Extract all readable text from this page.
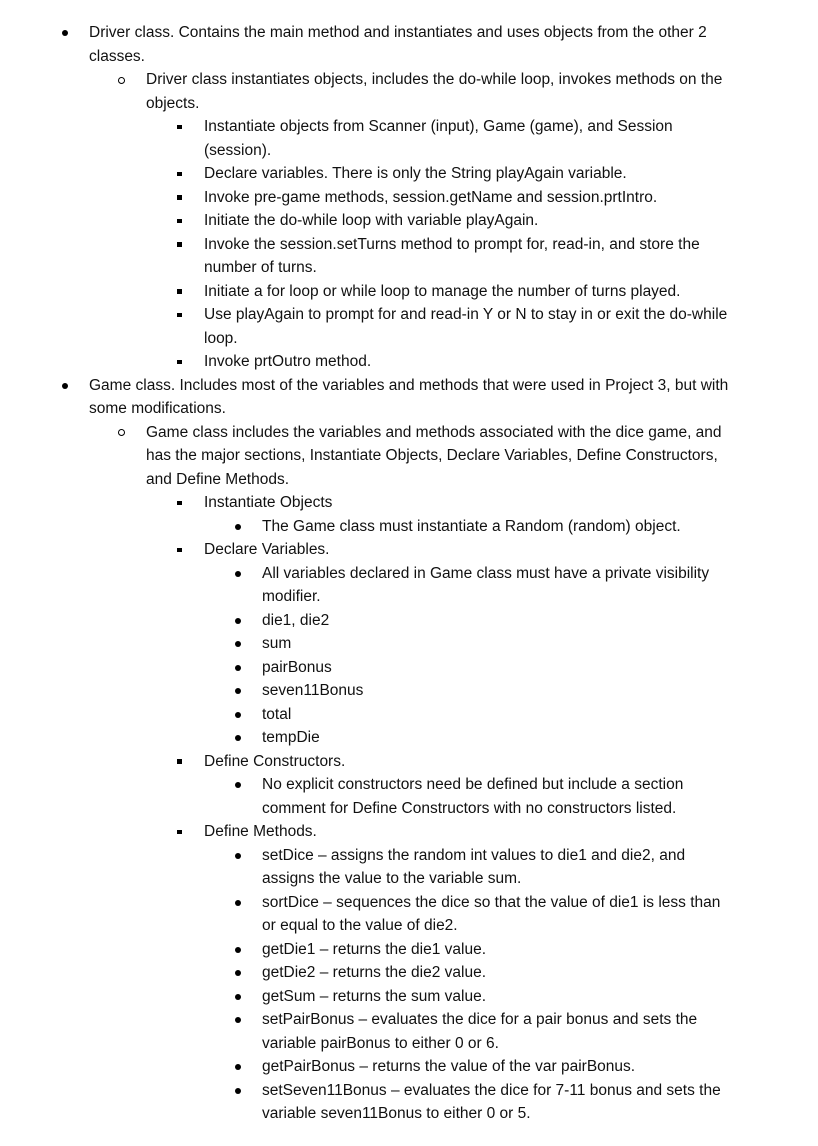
Driver class. Contains the main method and instantiates and uses objects from the other 2 classes.
Driver class instantiates objects, includes the do-while loop, invokes methods on the objects.
Instantiate objects from Scanner (input), Game (game), and Session (session).
Declare variables. There is only the String playAgain variable.
Invoke pre-game methods, session.getName and session.prtIntro.
Initiate the do-while loop with variable playAgain.
Invoke the session.setTurns method to prompt for, read-in, and store the number of turns.
Initiate a for loop or while loop to manage the number of turns played.
Use playAgain to prompt for and read-in Y or N to stay in or exit the do-while loop.
Invoke prtOutro method.
Game class. Includes most of the variables and methods that were used in Project 3, but with some modifications.
Game class includes the variables and methods associated with the dice game, and has the major sections, Instantiate Objects, Declare Variables, Define Constructors, and Define Methods.
Instantiate Objects
The Game class must instantiate a Random (random) object.
Declare Variables.
All variables declared in Game class must have a private visibility modifier.
die1, die2
sum
pairBonus
seven11Bonus
total
tempDie
Define Constructors.
No explicit constructors need be defined but include a section comment for Define Constructors with no constructors listed.
Define Methods.
setDice – assigns the random int values to die1 and die2, and assigns the value to the variable sum.
sortDice – sequences the dice so that the value of die1 is less than or equal to the value of die2.
getDie1 – returns the die1 value.
getDie2 – returns the die2 value.
getSum – returns the sum value.
setPairBonus – evaluates the dice for a pair bonus and sets the variable pairBonus to either 0 or 6.
getPairBonus – returns the value of the var pairBonus.
setSeven11Bonus – evaluates the dice for 7-11 bonus and sets the variable seven11Bonus to either 0 or 5.
